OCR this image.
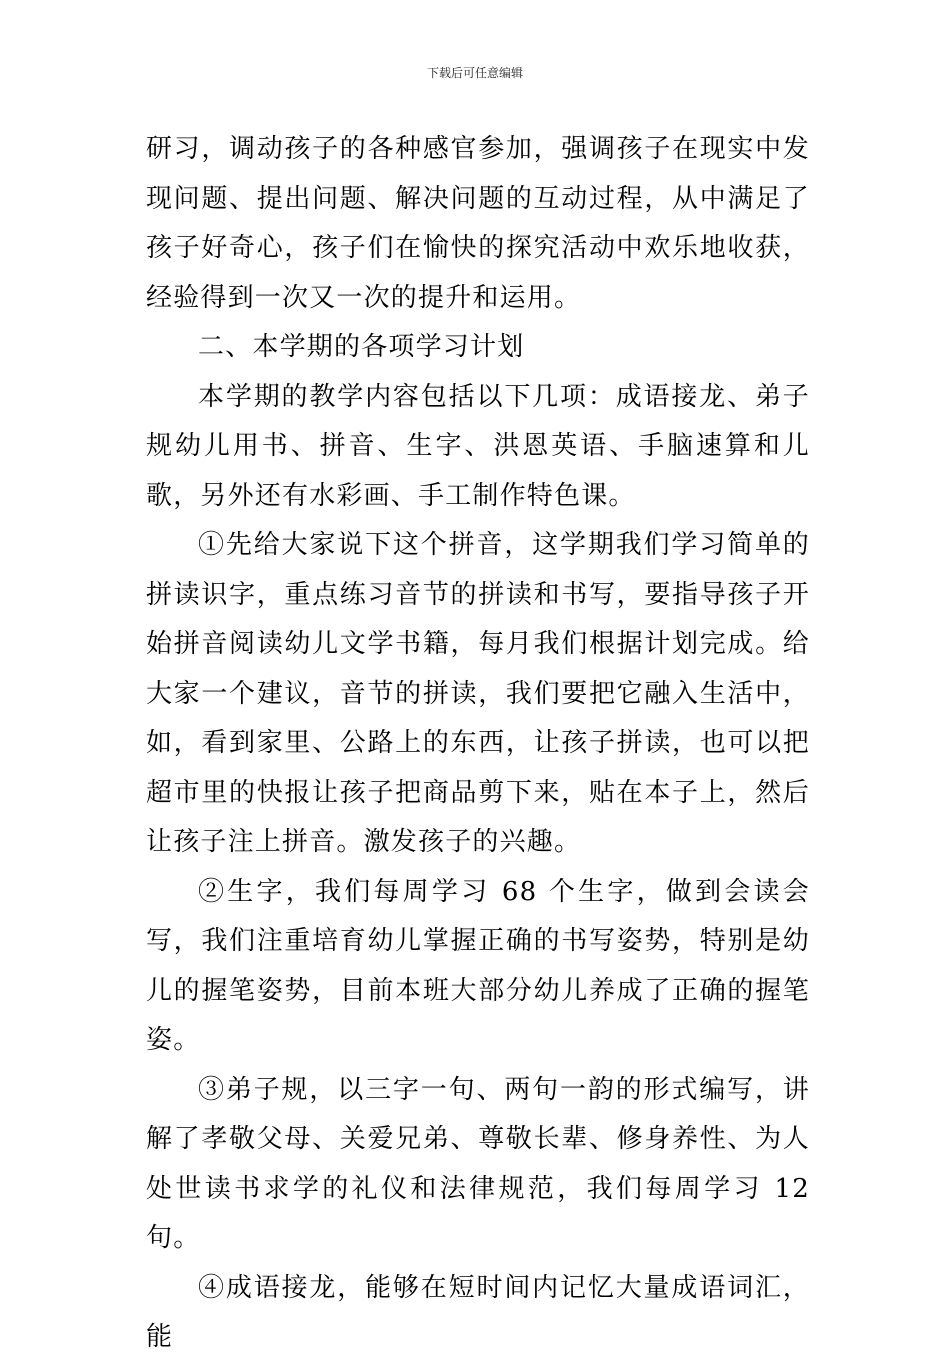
下载后可任意编辑

研习，调动孩子的各种感官参加，强调孩子在现实中发现问题、提出问题、解决问题的互动过程，从中满足了孩子好奇心，孩子们在愉快的探究活动中欢乐地收获，经验得到一次又一次的提升和运用。

二、本学期的各项学习计划

本学期的教学内容包括以下几项：成语接龙、弟子规幼儿用书、拼音、生字、洪恩英语、手脑速算和儿歌，另外还有水彩画、手工制作特色课。

①先给大家说下这个拼音，这学期我们学习简单的拼读识字，重点练习音节的拼读和书写，要指导孩子开始拼音阅读幼儿文学书籍，每月我们根据计划完成。给大家一个建议，音节的拼读，我们要把它融入生活中，如，看到家里、公路上的东西，让孩子拼读，也可以把超市里的快报让孩子把商品剪下来，贴在本子上，然后让孩子注上拼音。激发孩子的兴趣。

②生字，我们每周学习 68 个生字，做到会读会写，我们注重培育幼儿掌握正确的书写姿势，特别是幼儿的握笔姿势，目前本班大部分幼儿养成了正确的握笔姿。

③弟子规，以三字一句、两句一韵的形式编写，讲解了孝敬父母、关爱兄弟、尊敬长辈、修身养性、为人处世读书求学的礼仪和法律规范，我们每周学习 12 句。

④成语接龙，能够在短时间内记忆大量成语词汇，能
